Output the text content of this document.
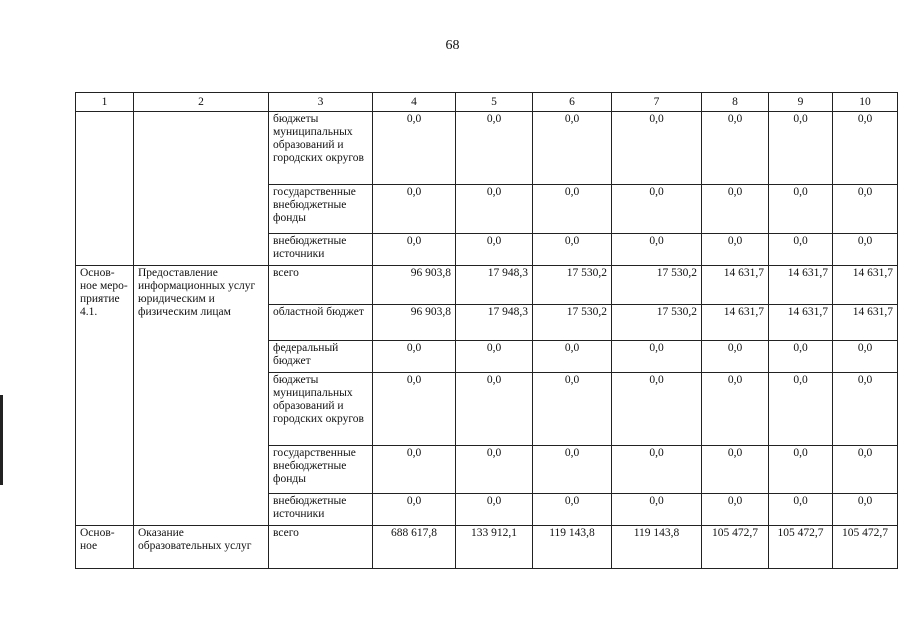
68
1	2	3	4	5	6	7	8	9	10
		бюджеты муниципальных образований и городских округов	0,0	0,0	0,0	0,0	0,0	0,0	0,0
		государственные внебюджетные фонды	0,0	0,0	0,0	0,0	0,0	0,0	0,0
		внебюджетные источники	0,0	0,0	0,0	0,0	0,0	0,0	0,0
Основ- ное меро- приятие 4.1.	Предоставление информационных услуг юридическим и физическим лицам	всего	96 903,8	17 948,3	17 530,2	17 530,2	14 631,7	14 631,7	14 631,7
		областной бюджет	96 903,8	17 948,3	17 530,2	17 530,2	14 631,7	14 631,7	14 631,7
		федеральный бюджет	0,0	0,0	0,0	0,0	0,0	0,0	0,0
		бюджеты муниципальных образований и городских округов	0,0	0,0	0,0	0,0	0,0	0,0	0,0
		государственные внебюджетные фонды	0,0	0,0	0,0	0,0	0,0	0,0	0,0
		внебюджетные источники	0,0	0,0	0,0	0,0	0,0	0,0	0,0
Основ- ное	Оказание образовательных услуг	всего	688 617,8	133 912,1	119 143,8	119 143,8	105 472,7	105 472,7	105 472,7
